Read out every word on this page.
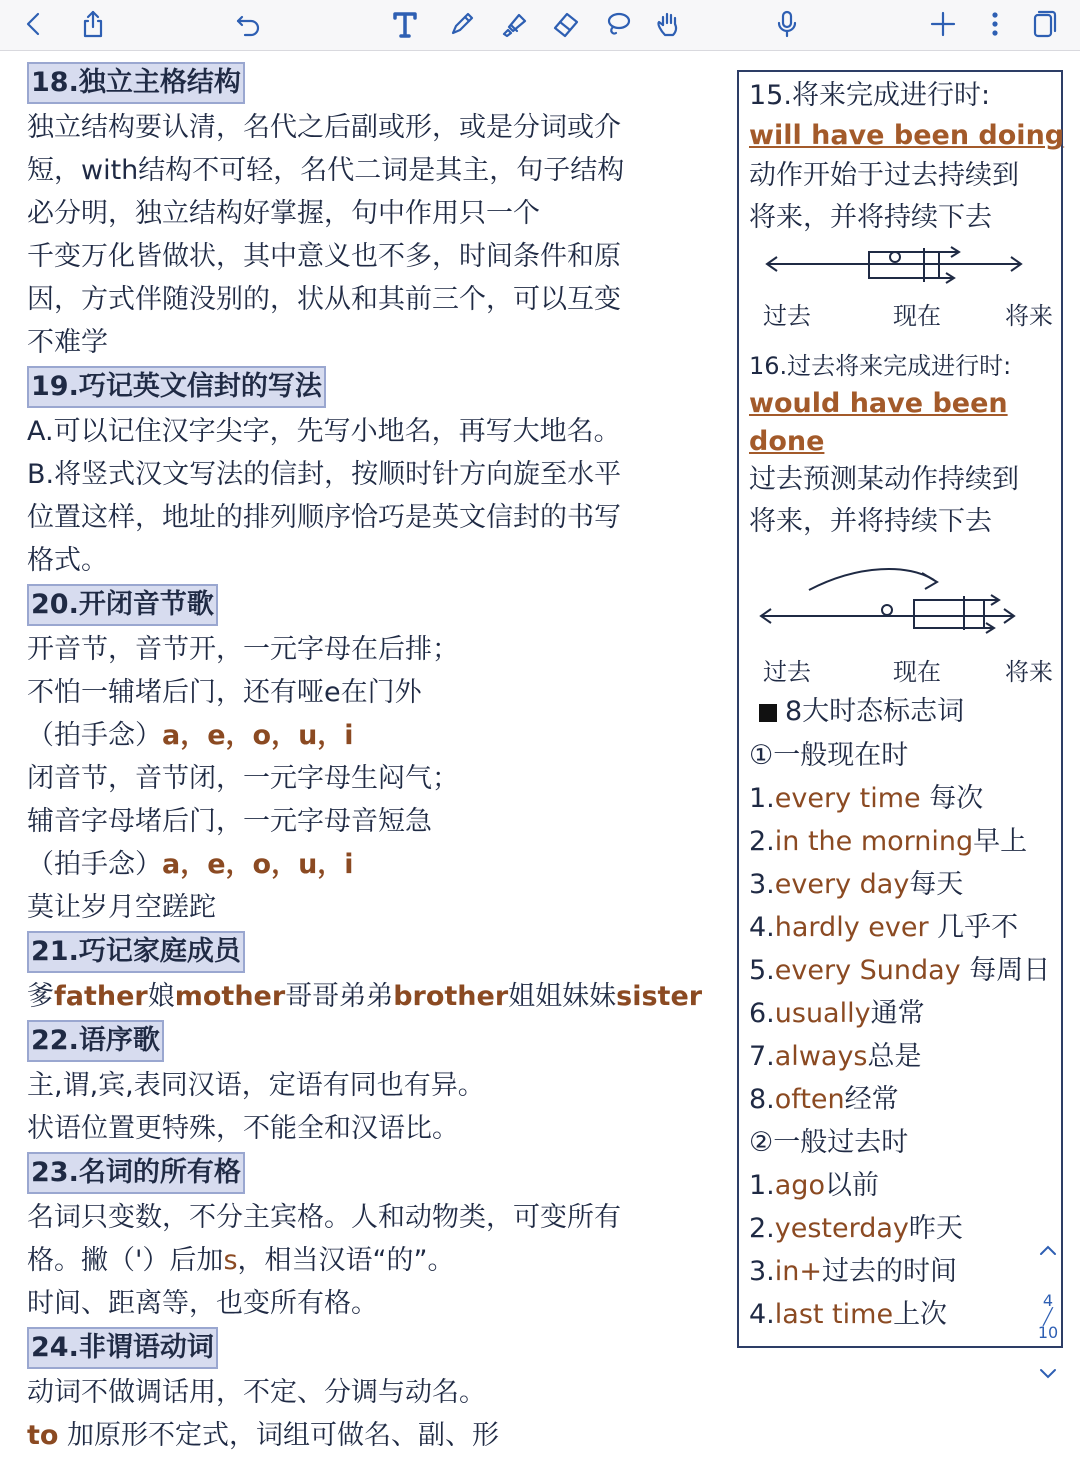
18.独立主格结构
独立结构要认清，名代之后副或形，或是分词或介
短，with结构不可轻，名代二词是其主，句子结构
必分明，独立结构好掌握，句中作用只一个
千变万化皆做状，其中意义也不多，时间条件和原
因，方式伴随没别的，状从和其前三个，可以互变
不难学
19.巧记英文信封的写法
A.可以记住汉字尖字，先写小地名，再写大地名。
B.将竖式汉文写法的信封，按顺时针方向旋至水平
位置这样，地址的排列顺序恰巧是英文信封的书写
格式。
20.开闭音节歌
开音节，音节开，一元字母在后排；
不怕一辅堵后门，还有哑e在门外
（拍手念）a，e，o，u，i
闭音节，音节闭，一元字母生闷气；
辅音字母堵后门，一元字母音短急
（拍手念）a，e，o，u，i
莫让岁月空蹉跎
21.巧记家庭成员
爹father娘mother哥哥弟弟brother姐姐妹妹sister
22.语序歌
主,谓,宾,表同汉语，定语有同也有异。
状语位置更特殊，不能全和汉语比。
23.名词的所有格
名词只变数，不分主宾格。人和动物类，可变所有
格。撇（'）后加s，相当汉语“的”。
时间、距离等，也变所有格。
24.非谓语动词
动词不做调话用，不定、分调与动名。
to 加原形不定式，词组可做名、副、形
15.将来完成进行时:
will have been doing
动作开始于过去持续到
将来，并将持续下去
过去	现在	将来
16.过去将来完成进行时:
would have been
done
过去预测某动作持续到
将来，并将持续下去
过去	现在	将来
8大时态标志词
①一般现在时
1.every time 每次
2.in the morning早上
3.every day每天
4.hardly ever 几乎不
5.every Sunday 每周日
6.usually通常
7.always总是
8.often经常
②一般过去时
1.ago以前
2.yesterday昨天
3.in+过去的时间
4.last time上次	4
╱
10
